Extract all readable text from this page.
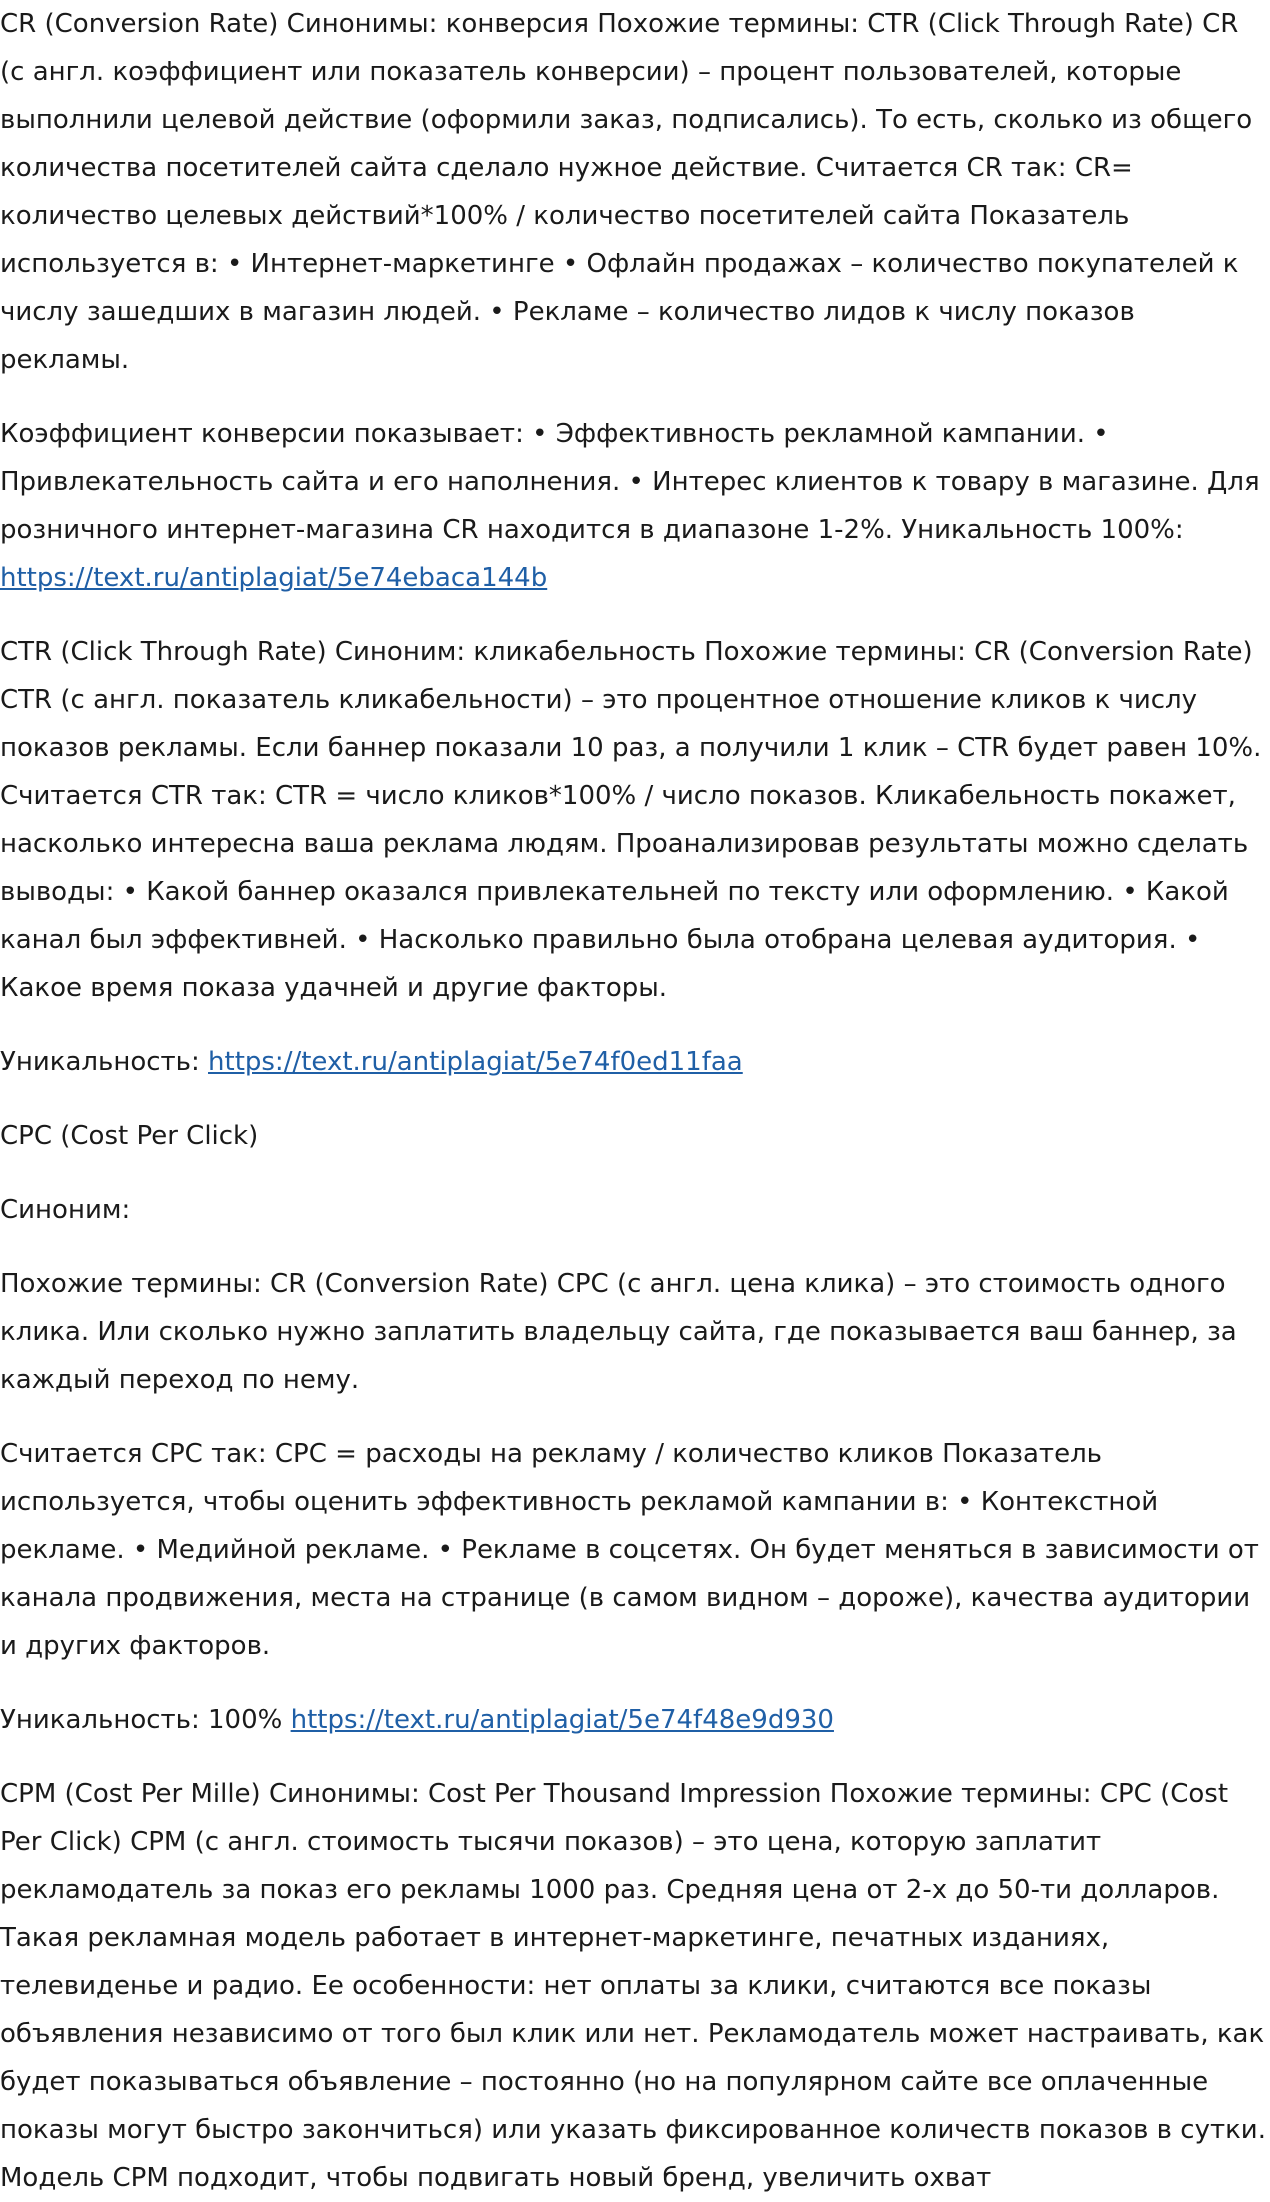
CR (Conversion Rate) Синонимы: конверсия Похожие термины: CTR (Click Through Rate) CR (с англ. коэффициент или показатель конверсии) – процент пользователей, которые выполнили целевой действие (оформили заказ, подписались). То есть, сколько из общего количества посетителей сайта сделало нужное действие. Считается CR так: CR= количество целевых действий*100% / количество посетителей сайта Показатель используется в: • Интернет-маркетинге • Офлайн продажах – количество покупателей к числу зашедших в магазин людей. • Рекламе – количество лидов к числу показов рекламы.

Коэффициент конверсии показывает: • Эффективность рекламной кампании. • Привлекательность сайта и его наполнения. • Интерес клиентов к товару в магазине. Для розничного интернет-магазина CR находится в диапазоне 1-2%. Уникальность 100%: https://text.ru/antiplagiat/5e74ebaca144b

CTR (Click Through Rate) Синоним: кликабельность Похожие термины: CR (Conversion Rate) CTR (с англ. показатель кликабельности) – это процентное отношение кликов к числу показов рекламы. Если баннер показали 10 раз, а получили 1 клик – CTR будет равен 10%. Считается CTR так: CTR = число кликов*100% / число показов. Кликабельность покажет, насколько интересна ваша реклама людям. Проанализировав результаты можно сделать выводы: • Какой баннер оказался привлекательней по тексту или оформлению. • Какой канал был эффективней. • Насколько правильно была отобрана целевая аудитория. • Какое время показа удачней и другие факторы.

Уникальность: https://text.ru/antiplagiat/5e74f0ed11faa

CPC (Cost Per Click)

Синоним:

Похожие термины: CR (Conversion Rate) CPC (с англ. цена клика) – это стоимость одного клика. Или сколько нужно заплатить владельцу сайта, где показывается ваш баннер, за каждый переход по нему.

Считается CPC так: CPC = расходы на рекламу / количество кликов Показатель используется, чтобы оценить эффективность рекламой кампании в: • Контекстной рекламе. • Медийной рекламе. • Рекламе в соцсетях. Он будет меняться в зависимости от канала продвижения, места на странице (в самом видном – дороже), качества аудитории и других факторов.

Уникальность: 100% https://text.ru/antiplagiat/5e74f48e9d930

CPM (Cost Per Mille) Синонимы: Cost Per Thousand Impression Похожие термины: CPC (Cost Per Click) CPM (с англ. стоимость тысячи показов) – это цена, которую заплатит рекламодатель за показ его рекламы 1000 раз. Средняя цена от 2-х до 50-ти долларов. Такая рекламная модель работает в интернет-маркетинге, печатных изданиях, телевиденье и радио. Ее особенности: нет оплаты за клики, считаются все показы объявления независимо от того был клик или нет. Рекламодатель может настраивать, как будет показываться объявление – постоянно (но на популярном сайте все оплаченные показы могут быстро закончиться) или указать фиксированное количеств показов в сутки. Модель CPM подходит, чтобы подвигать новый бренд, увеличить охват
